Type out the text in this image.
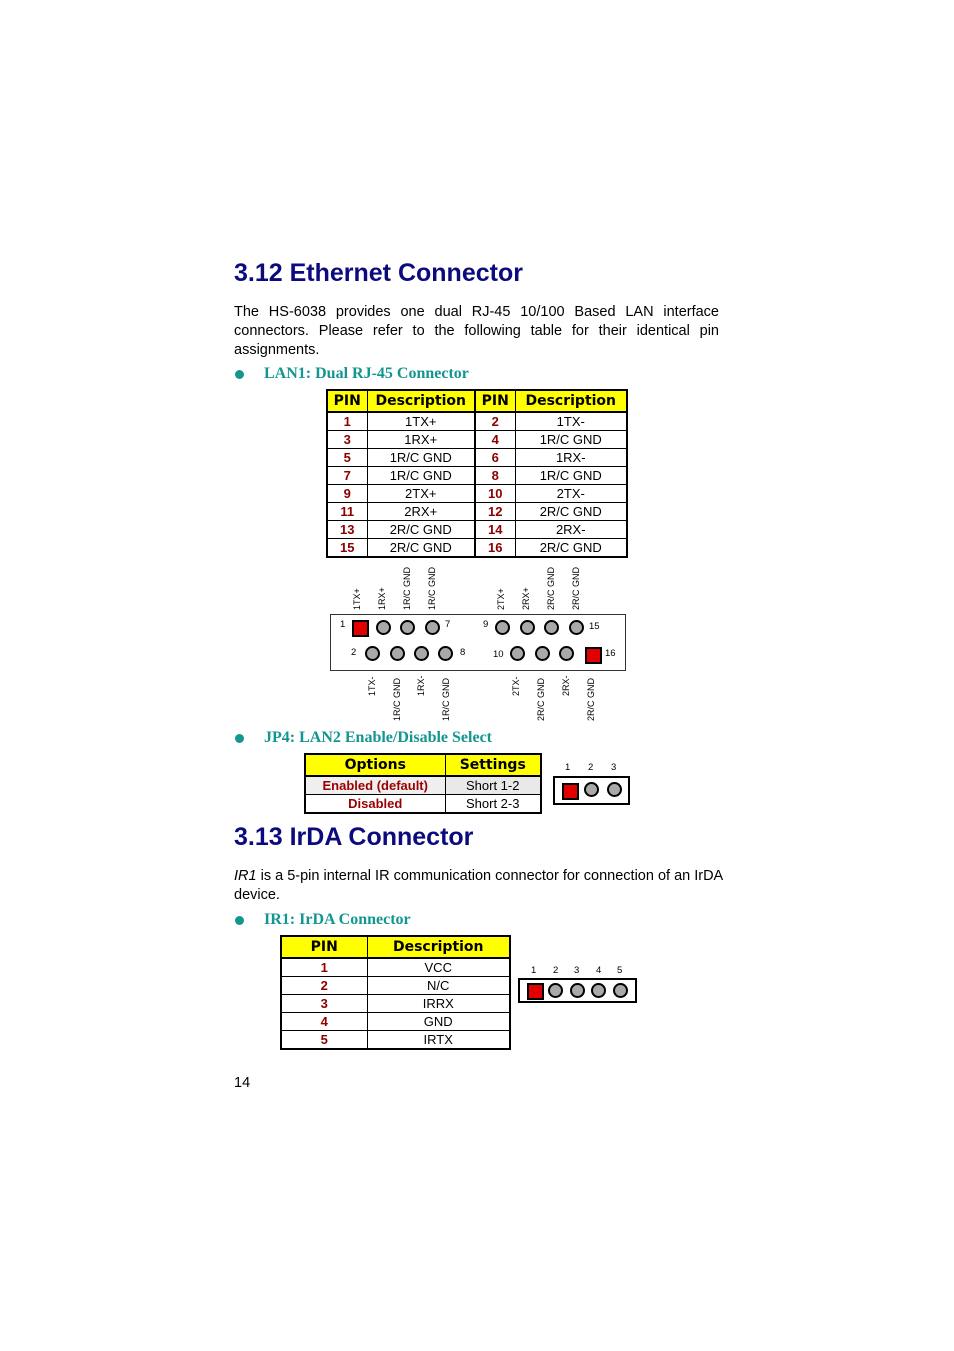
3.12 Ethernet Connector
The HS-6038 provides one dual RJ-45 10/100 Based LAN interface connectors. Please refer to the following table for their identical pin assignments.
LAN1: Dual RJ-45 Connector
PIN	Description	PIN	Description
1	1TX+	2	1TX-
3	1RX+	4	1R/C GND
5	1R/C GND	6	1RX-
7	1R/C GND	8	1R/C GND
9	2TX+	10	2TX-
11	2RX+	12	2R/C GND
13	2R/C GND	14	2RX-
15	2R/C GND	16	2R/C GND
1TX+ 1RX+ 1R/C GND 1R/C GND	2TX+ 2RX+ 2R/C GND 2R/C GND
1	7	9	15
2	8	10	16
1TX- 1R/C GND 1RX- 1R/C GND	2TX- 2R/C GND 2RX- 2R/C GND
JP4: LAN2 Enable/Disable Select
Options	Settings
Enabled (default)	Short 1-2
Disabled	Short 2-3
1 2 3
3.13 IrDA Connector
IR1 is a 5-pin internal IR communication connector for connection of an IrDA device.
IR1: IrDA Connector
PIN	Description
1	VCC
2	N/C
3	IRRX
4	GND
5	IRTX
1 2 3 4 5
14
